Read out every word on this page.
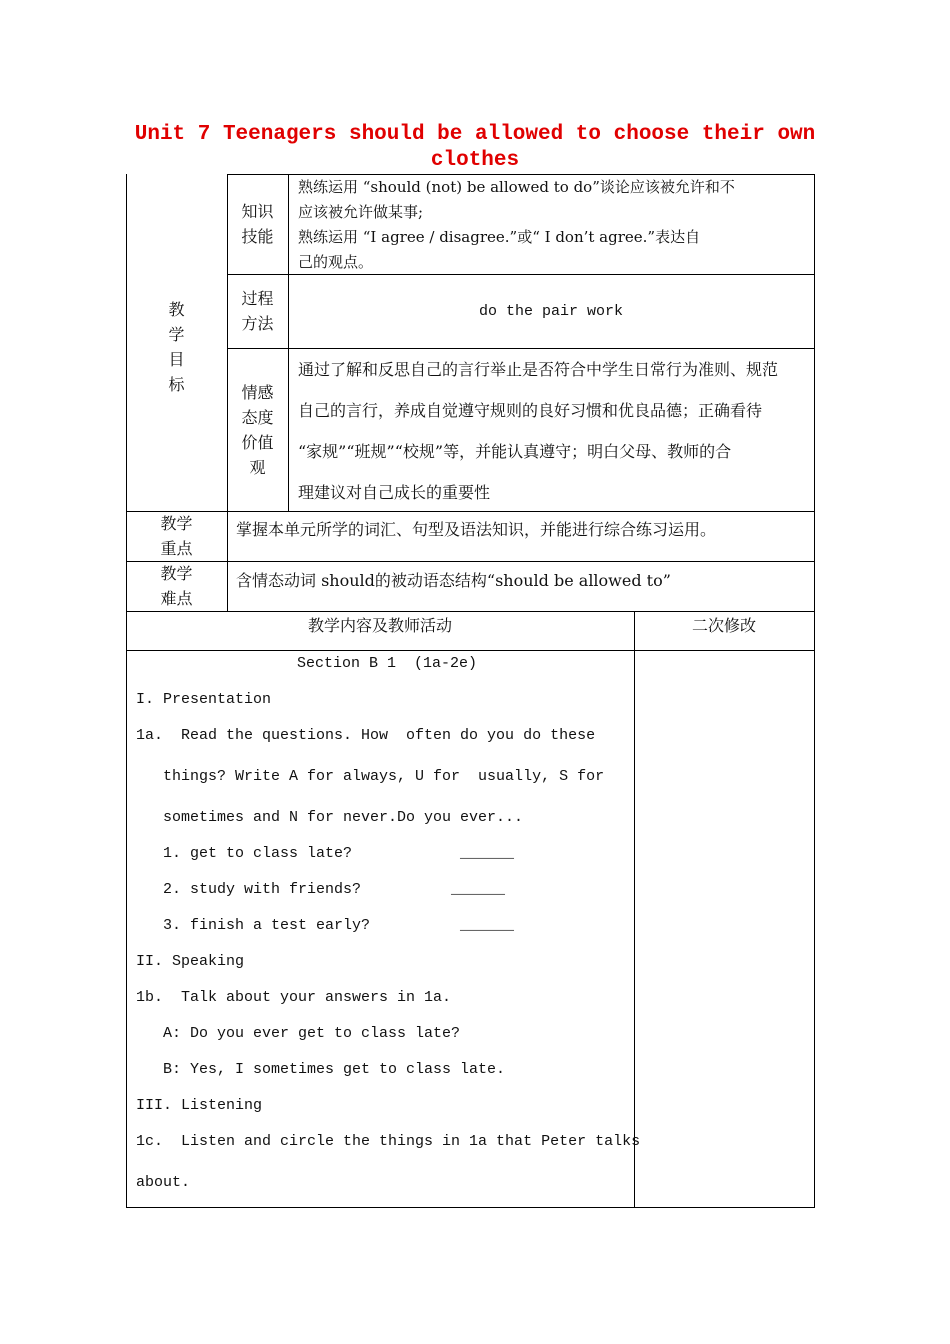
Unit 7 Teenagers should be allowed to choose their own
clothes
教
学
目
标
知识
技能
熟练运用 “should (not) be allowed to do”谈论应该被允许和不
应该被允许做某事;
熟练运用 “I agree / disagree.”或“ I don’t agree.”表达自
己的观点。
过程
方法
do the pair work
情感
态度
价值
观
通过了解和反思自己的言行举止是否符合中学生日常行为准则、规范
自己的言行，养成自觉遵守规则的良好习惯和优良品德；正确看待
“家规”“班规”“校规”等，并能认真遵守；明白父母、教师的合
理建议对自己成长的重要性
教学
重点
掌握本单元所学的词汇、句型及语法知识，并能进行综合练习运用。
教学
难点
含情态动词 should的被动语态结构“should be allowed to”
教学内容及教师活动	二次修改
Section B 1  (1a-2e)
I. Presentation
1a.  Read the questions. How  often do you do these
things? Write A for always, U for  usually, S for
sometimes and N for never.Do you ever...
1. get to class late?            ______
2. study with friends?          ______
3. finish a test early?          ______
II. Speaking
1b.  Talk about your answers in 1a.
A: Do you ever get to class late?
B: Yes, I sometimes get to class late.
III. Listening
1c.  Listen and circle the things in 1a that Peter talks
about.
